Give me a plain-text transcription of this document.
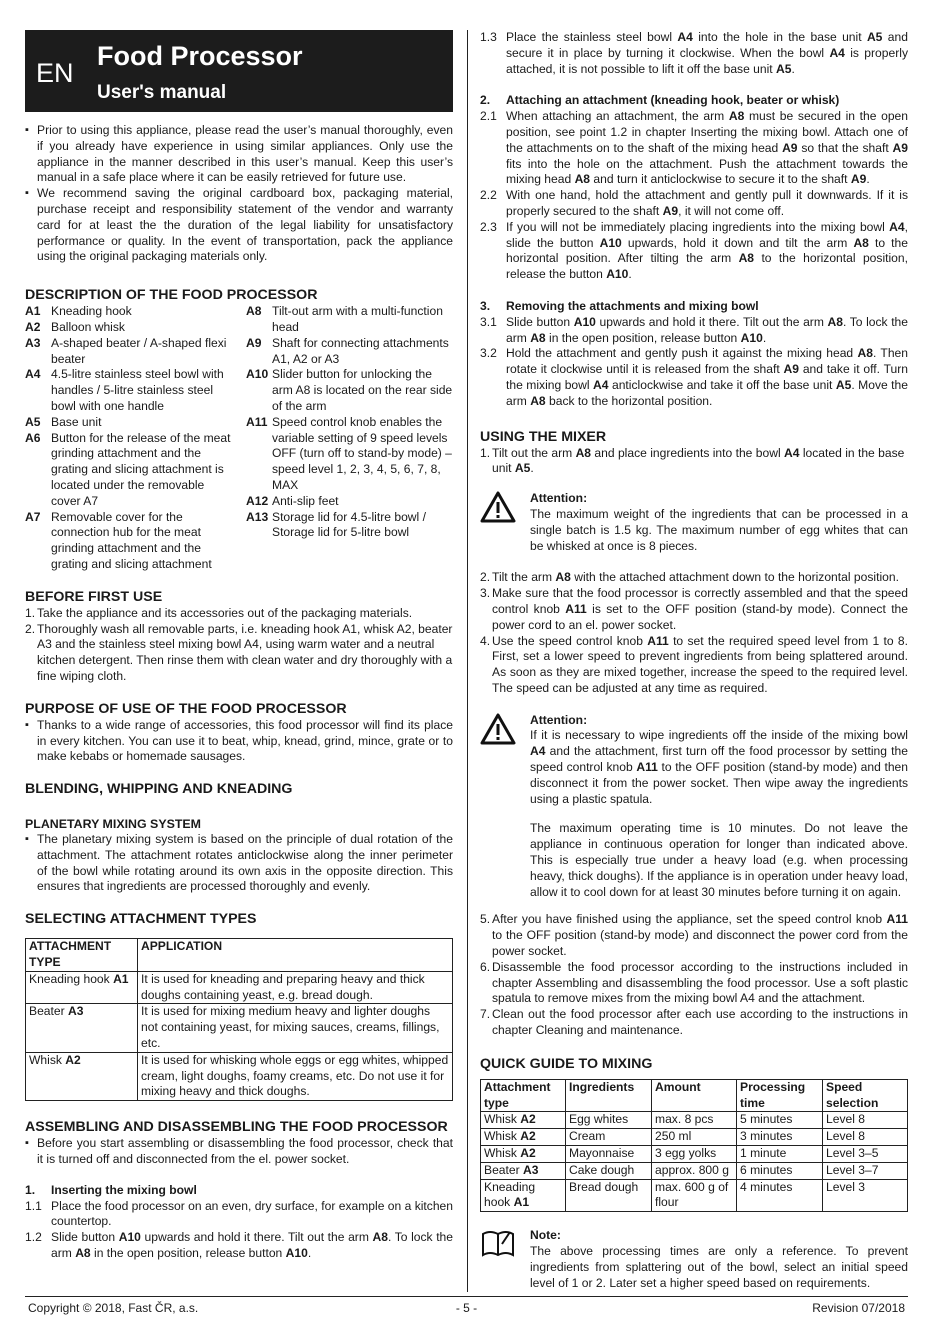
EN
Food Processor
User's manual
▪ Prior to using this appliance, please read the user’s manual thoroughly, even if you already have experience in using similar appliances. Only use the appliance in the manner described in this user’s manual. Keep this user’s manual in a safe place where it can be easily retrieved for future use.
▪ We recommend saving the original cardboard box, packaging material, purchase receipt and responsibility statement of the vendor and warranty card for at least the the duration of the legal liability for unsatisfactory performance or quality. In the event of transportation, pack the appliance using the original packaging materials only.
DESCRIPTION OF THE FOOD PROCESSOR
A1 Kneading hook
A2 Balloon whisk
A3 A-shaped beater / A-shaped flexi beater
A4 4.5-litre stainless steel bowl with handles / 5-litre stainless steel bowl with one handle
A5 Base unit
A6 Button for the release of the meat grinding attachment and the grating and slicing attachment is located under the removable cover A7
A7 Removable cover for the connection hub for the meat grinding attachment and the grating and slicing attachment
A8 Tilt-out arm with a multi-function head
A9 Shaft for connecting attachments A1, A2 or A3
A10 Slider button for unlocking the arm A8 is located on the rear side of the arm
A11 Speed control knob enables the variable setting of 9 speed levels OFF (turn off to stand-by mode) – speed level 1, 2, 3, 4, 5, 6, 7, 8, MAX
A12 Anti-slip feet
A13 Storage lid for 4.5-litre bowl / Storage lid for 5-litre bowl
BEFORE FIRST USE
1. Take the appliance and its accessories out of the packaging materials.
2. Thoroughly wash all removable parts, i.e. kneading hook A1, whisk A2, beater A3 and the stainless steel mixing bowl A4, using warm water and a neutral kitchen detergent. Then rinse them with clean water and dry thoroughly with a fine wiping cloth.
PURPOSE OF USE OF THE FOOD PROCESSOR
▪ Thanks to a wide range of accessories, this food processor will find its place in every kitchen. You can use it to beat, whip, knead, grind, mince, grate or to make kebabs or homemade sausages.
BLENDING, WHIPPING AND KNEADING
PLANETARY MIXING SYSTEM
▪ The planetary mixing system is based on the principle of dual rotation of the attachment. The attachment rotates anticlockwise along the inner perimeter of the bowl while rotating around its own axis in the opposite direction. This ensures that ingredients are processed thoroughly and evenly.
SELECTING ATTACHMENT TYPES
ATTACHMENT TYPE	APPLICATION
Kneading hook A1	It is used for kneading and preparing heavy and thick doughs containing yeast, e.g. bread dough.
Beater A3	It is used for mixing medium heavy and lighter doughs not containing yeast, for mixing sauces, creams, fillings, etc.
Whisk A2	It is used for whisking whole eggs or egg whites, whipped cream, light doughs, foamy creams, etc. Do not use it for mixing heavy and thick doughs.
ASSEMBLING AND DISASSEMBLING THE FOOD PROCESSOR
▪ Before you start assembling or disassembling the food processor, check that it is turned off and disconnected from the el. power socket.
1.	Inserting the mixing bowl
1.1 Place the food processor on an even, dry surface, for example on a kitchen countertop.
1.2 Slide button A10 upwards and hold it there. Tilt out the arm A8. To lock the arm A8 in the open position, release button A10.
1.3 Place the stainless steel bowl A4 into the hole in the base unit A5 and secure it in place by turning it clockwise. When the bowl A4 is properly attached, it is not possible to lift it off the base unit A5.
2.	Attaching an attachment (kneading hook, beater or whisk)
2.1 When attaching an attachment, the arm A8 must be secured in the open position, see point 1.2 in chapter Inserting the mixing bowl. Attach one of the attachments on to the shaft of the mixing head A9 so that the shaft A9 fits into the hole on the attachment. Push the attachment towards the mixing head A8 and turn it anticlockwise to secure it to the shaft A9.
2.2 With one hand, hold the attachment and gently pull it downwards. If it is properly secured to the shaft A9, it will not come off.
2.3 If you will not be immediately placing ingredients into the mixing bowl A4, slide the button A10 upwards, hold it down and tilt the arm A8 to the horizontal position. After tilting the arm A8 to the horizontal position, release the button A10.
3.	Removing the attachments and mixing bowl
3.1 Slide button A10 upwards and hold it there. Tilt out the arm A8. To lock the arm A8 in the open position, release button A10.
3.2 Hold the attachment and gently push it against the mixing head A8. Then rotate it clockwise until it is released from the shaft A9 and take it off. Turn the mixing bowl A4 anticlockwise and take it off the base unit A5. Move the arm A8 back to the horizontal position.
USING THE MIXER
1. Tilt out the arm A8 and place ingredients into the bowl A4 located in the base unit A5.
Attention:

The maximum weight of the ingredients that can be processed in a single batch is 1.5 kg. The maximum number of egg whites that can be whisked at once is 8 pieces.

2. Tilt the arm A8 with the attached attachment down to the horizontal position.
3. Make sure that the food processor is correctly assembled and that the speed control knob A11 is set to the OFF position (stand-by mode). Connect the power cord to an el. power socket.
4. Use the speed control knob A11 to set the required speed level from 1 to 8. First, set a lower speed to prevent ingredients from being splattered around. As soon as they are mixed together, increase the speed to the required level. The speed can be adjusted at any time as required.
Attention:

If it is necessary to wipe ingredients off the inside of the mixing bowl A4 and the attachment, first turn off the food processor by setting the speed control knob A11 to the OFF position (stand-by mode) and then disconnect it from the power socket. Then wipe away the ingredients using a plastic spatula.

The maximum operating time is 10 minutes. Do not leave the appliance in continuous operation for longer than indicated above. This is especially true under a heavy load (e.g. when processing heavy, thick doughs). If the appliance is in operation under heavy load, allow it to cool down for at least 30 minutes before turning it on again.

5. After you have finished using the appliance, set the speed control knob A11 to the OFF position (stand-by mode) and disconnect the power cord from the power socket.
6. Disassemble the food processor according to the instructions included in chapter Assembling and disassembling the food processor. Use a soft plastic spatula to remove mixes from the mixing bowl A4 and the attachment.
7. Clean out the food processor after each use according to the instructions in chapter Cleaning and maintenance.
QUICK GUIDE TO MIXING
Attachment type	Ingredients	Amount	Processing time	Speed selection
Whisk A2	Egg whites	max. 8 pcs	5 minutes	Level 8
Whisk A2	Cream	250 ml	3 minutes	Level 8
Whisk A2	Mayonnaise	3 egg yolks	1 minute	Level 3–5
Beater A3	Cake dough	approx. 800 g	6 minutes	Level 3–7
Kneading hook A1	Bread dough	max. 600 g of flour	4 minutes	Level 3
Note:

The above processing times are only a reference. To prevent ingredients from splattering out of the bowl, select an initial speed level of 1 or 2. Later set a higher speed based on requirements.

Copyright © 2018, Fast ČR, a.s.	- 5 -	Revision 07/2018
